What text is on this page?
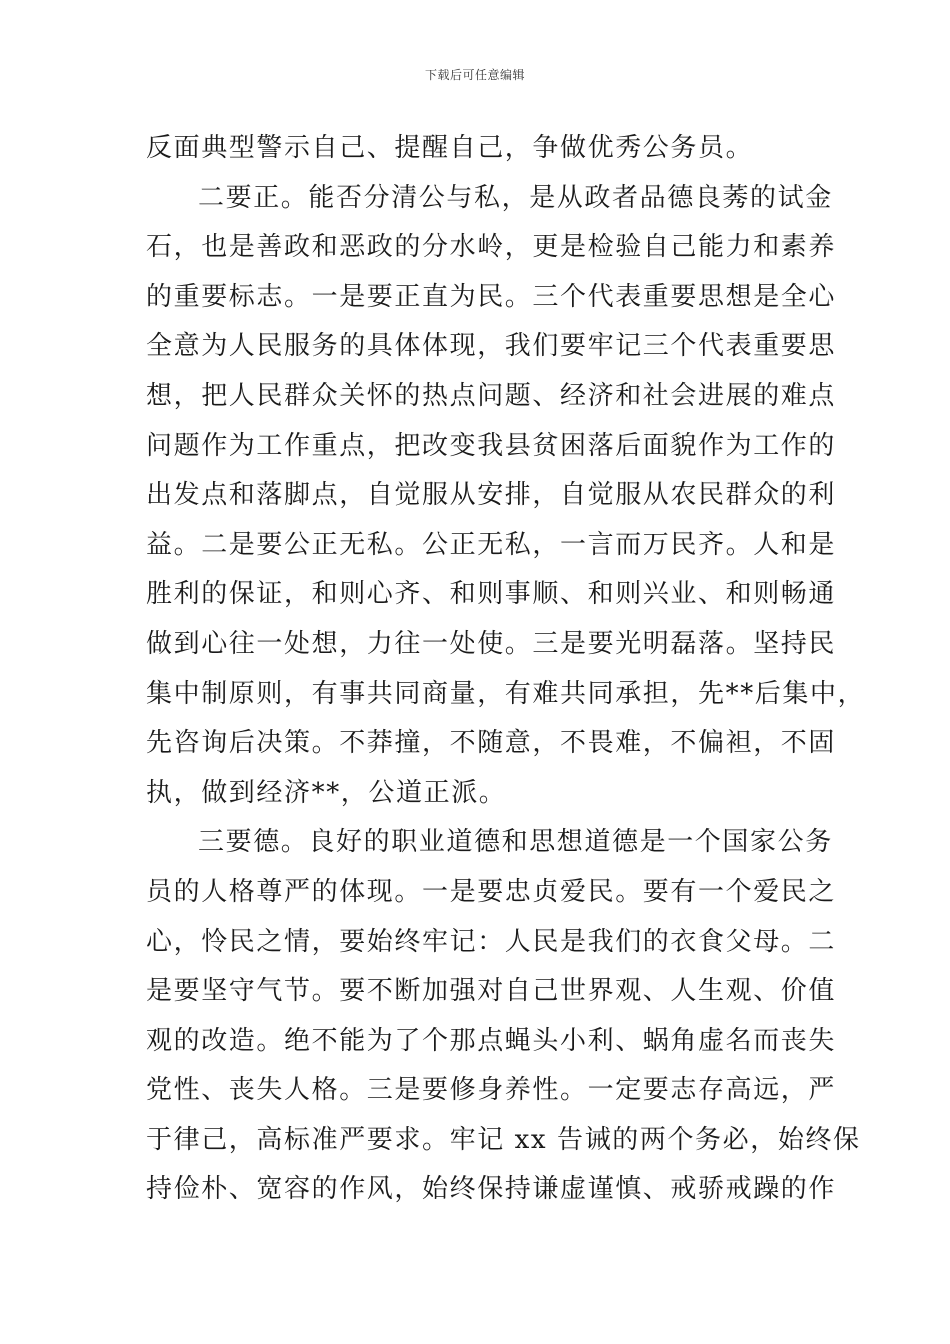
下载后可任意编辑
反面典型警示自己、提醒自己，争做优秀公务员。
二要正。能否分清公与私，是从政者品德良莠的试金
石，也是善政和恶政的分水岭，更是检验自己能力和素养
的重要标志。一是要正直为民。三个代表重要思想是全心
全意为人民服务的具体体现，我们要牢记三个代表重要思
想，把人民群众关怀的热点问题、经济和社会进展的难点
问题作为工作重点，把改变我县贫困落后面貌作为工作的
出发点和落脚点，自觉服从安排，自觉服从农民群众的利
益。二是要公正无私。公正无私，一言而万民齐。人和是
胜利的保证，和则心齐、和则事顺、和则兴业、和则畅通
做到心往一处想，力往一处使。三是要光明磊落。坚持民
集中制原则，有事共同商量，有难共同承担，先**后集中，
先咨询后决策。不莽撞，不随意，不畏难，不偏袒，不固
执，做到经济**，公道正派。
三要德。良好的职业道德和思想道德是一个国家公务
员的人格尊严的体现。一是要忠贞爱民。要有一个爱民之
心，怜民之情，要始终牢记：人民是我们的衣食父母。二
是要坚守气节。要不断加强对自己世界观、人生观、价值
观的改造。绝不能为了个那点蝇头小利、蜗角虚名而丧失
党性、丧失人格。三是要修身养性。一定要志存高远，严
于律己，高标准严要求。牢记 xx 告诫的两个务必，始终保
持俭朴、宽容的作风，始终保持谦虚谨慎、戒骄戒躁的作
